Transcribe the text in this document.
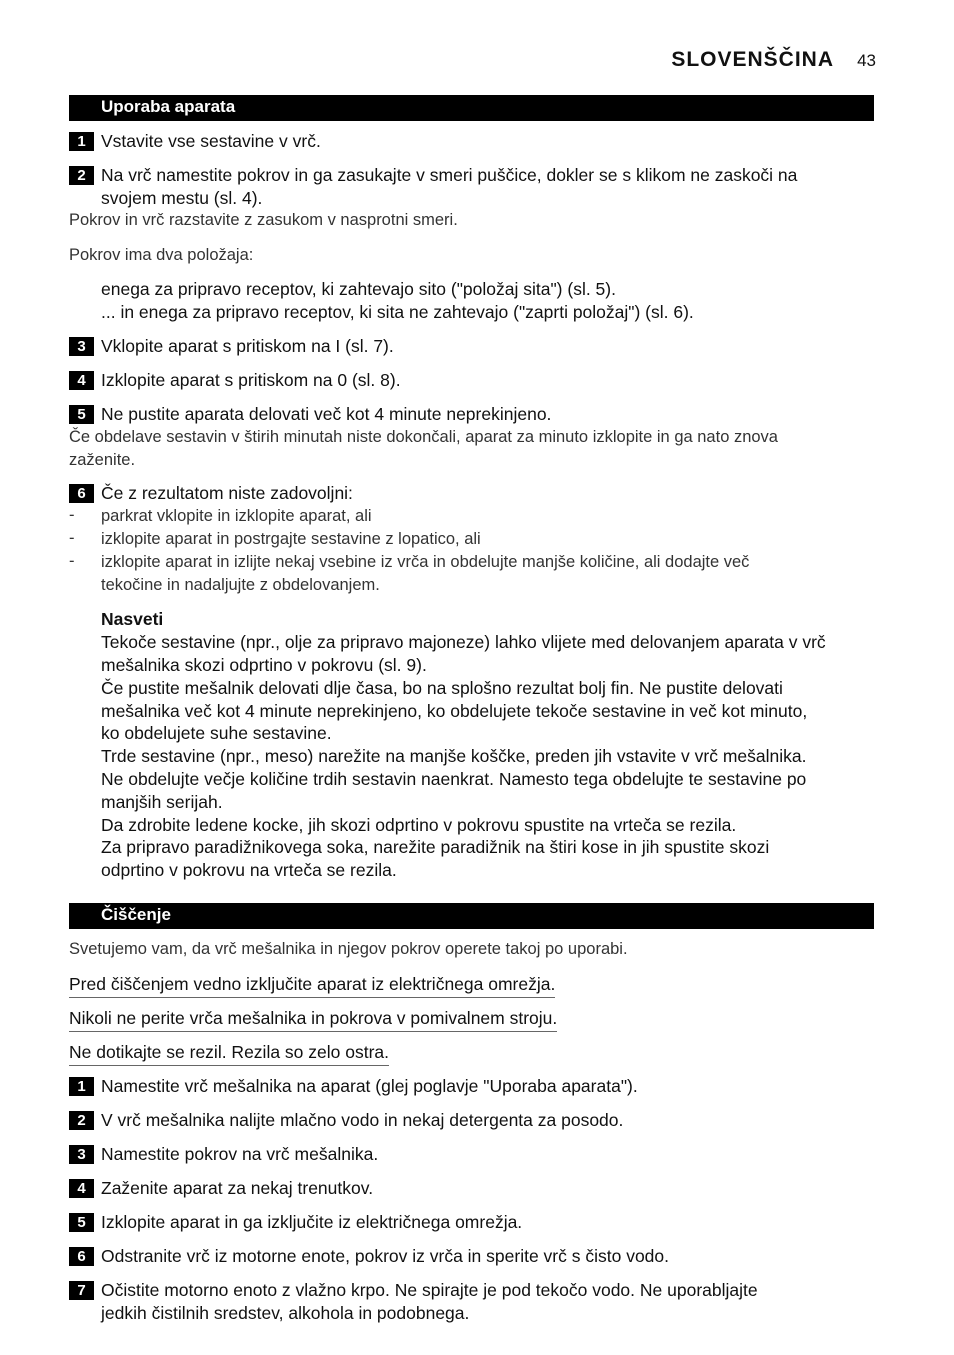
SLOVENŠČINA 43
Uporaba aparata
1 Vstavite vse sestavine v vrč.
2 Na vrč namestite pokrov in ga zasukajte v smeri puščice, dokler se s klikom ne zaskoči na
svojem mestu (sl. 4).
Pokrov in vrč razstavite z zasukom v nasprotni smeri.
Pokrov ima dva položaja:
enega za pripravo receptov, ki zahtevajo sito ("položaj sita") (sl. 5).
... in enega za pripravo receptov, ki sita ne zahtevajo ("zaprti položaj") (sl. 6).
3 Vklopite aparat s pritiskom na I (sl. 7).
4 Izklopite aparat s pritiskom na 0 (sl. 8).
5 Ne pustite aparata delovati več kot 4 minute neprekinjeno.
Če obdelave sestavin v štirih minutah niste dokončali, aparat za minuto izklopite in ga nato znova
zaženite.
6 Če z rezultatom niste zadovoljni:
- parkrat vklopite in izklopite aparat, ali
- izklopite aparat in postrgajte sestavine z lopatico, ali
- izklopite aparat in izlijte nekaj vsebine iz vrča in obdelujte manjše količine, ali dodajte več
tekočine in nadaljujte z obdelovanjem.
Nasveti
Tekoče sestavine (npr., olje za pripravo majoneze) lahko vlijete med delovanjem aparata v vrč
mešalnika skozi odprtino v pokrovu (sl. 9).
Če pustite mešalnik delovati dlje časa, bo na splošno rezultat bolj fin. Ne pustite delovati
mešalnika več kot 4 minute neprekinjeno, ko obdelujete tekoče sestavine in več kot minuto,
ko obdelujete suhe sestavine.
Trde sestavine (npr., meso) narežite na manjše koščke, preden jih vstavite v vrč mešalnika.
Ne obdelujte večje količine trdih sestavin naenkrat. Namesto tega obdelujte te sestavine po
manjših serijah.
Da zdrobite ledene kocke, jih skozi odprtino v pokrovu spustite na vrteča se rezila.
Za pripravo paradižnikovega soka, narežite paradižnik na štiri kose in jih spustite skozi
odprtino v pokrovu na vrteča se rezila.
Čiščenje
Svetujemo vam, da vrč mešalnika in njegov pokrov operete takoj po uporabi.
Pred čiščenjem vedno izključite aparat iz električnega omrežja.
Nikoli ne perite vrča mešalnika in pokrova v pomivalnem stroju.
Ne dotikajte se rezil. Rezila so zelo ostra.
1 Namestite vrč mešalnika na aparat (glej poglavje "Uporaba aparata").
2 V vrč mešalnika nalijte mlačno vodo in nekaj detergenta za posodo.
3 Namestite pokrov na vrč mešalnika.
4 Zaženite aparat za nekaj trenutkov.
5 Izklopite aparat in ga izključite iz električnega omrežja.
6 Odstranite vrč iz motorne enote, pokrov iz vrča in sperite vrč s čisto vodo.
7 Očistite motorno enoto z vlažno krpo. Ne spirajte je pod tekočo vodo. Ne uporabljajte
jedkih čistilnih sredstev, alkohola in podobnega.
